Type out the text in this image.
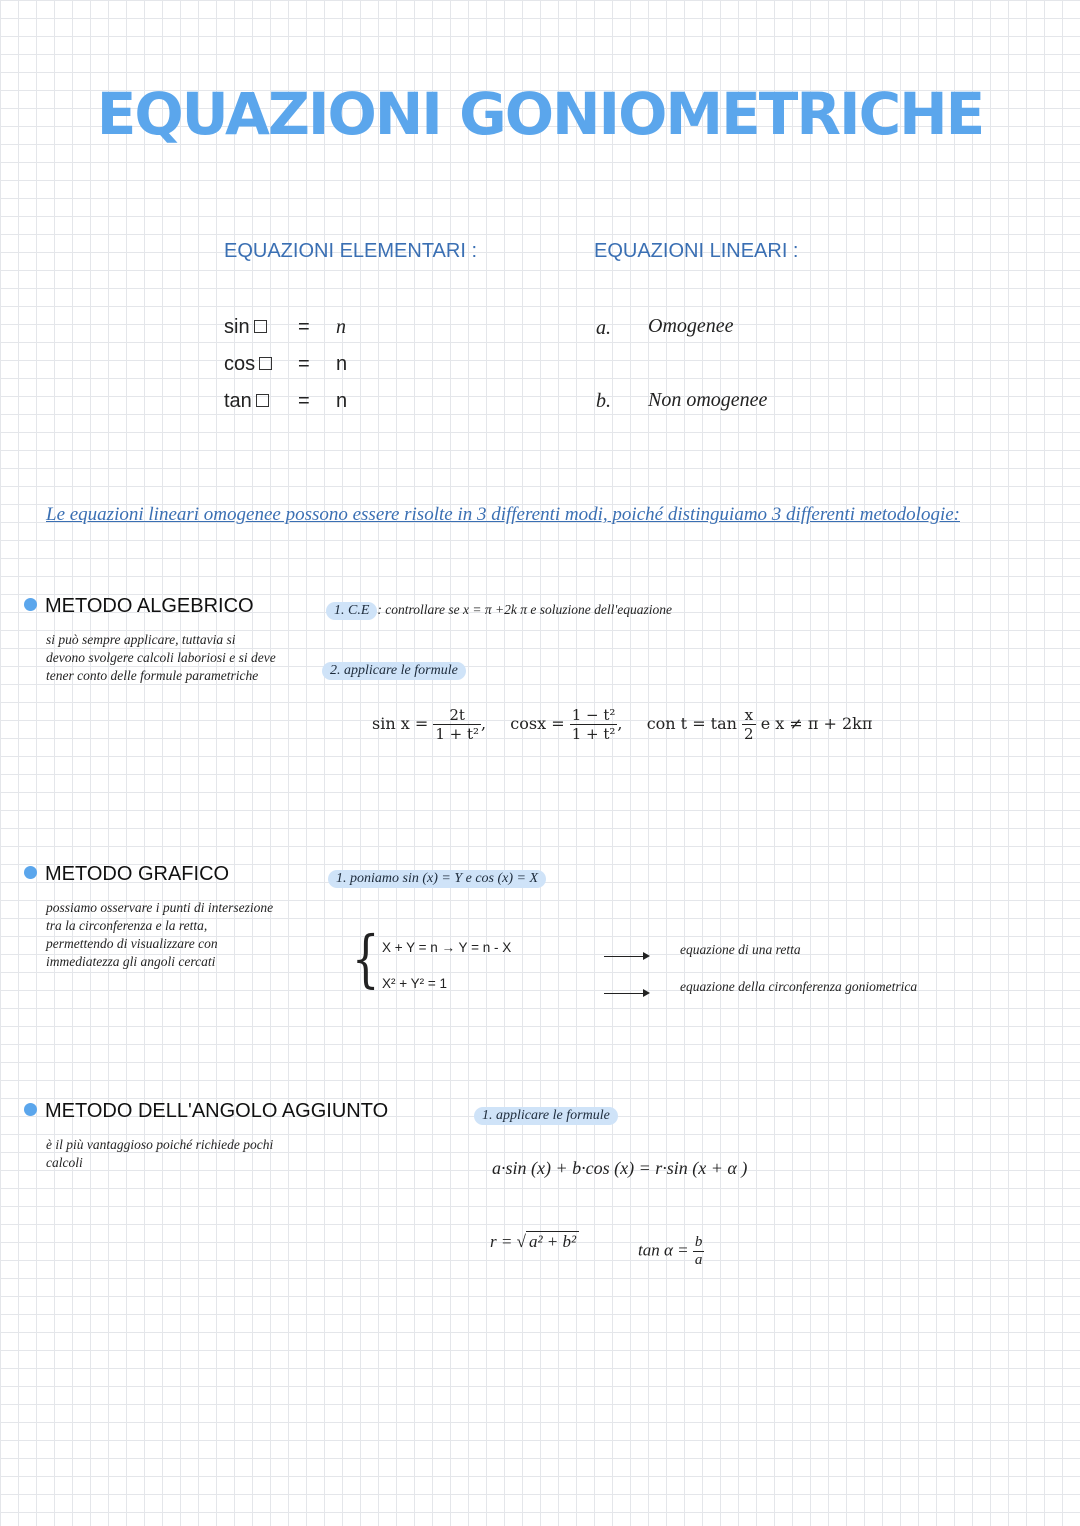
EQUAZIONI GONIOMETRICHE
EQUAZIONI ELEMENTARI :
sin	= n
cos	= n
tan	= n
EQUAZIONI LINEARI :
a. Omogenee
b. Non omogenee
Le equazioni lineari omogenee possono essere risolte in 3 differenti modi, poiché distinguiamo 3 differenti metodologie:
METODO ALGEBRICO
si può sempre applicare, tuttavia si devono svolgere calcoli laboriosi e si deve tener conto delle formule parametriche
1. C.E : controllare se x = π +2k π e soluzione dell'equazione
2. applicare le formule
$\sin x = \frac{2t}{\text{1 + t²}}$ ,  $\cos x = \frac{\text{1 − t²}}{\text{1 + t²}}$ ,  con $t = \tan \frac{x}{2}$ e x ≠ π + 2kπ
METODO GRAFICO
possiamo osservare i punti di intersezione tra la circonferenza e la retta, permettendo di visualizzare con immediatezza gli angoli cercati
1. poniamo sin (x) = Y e cos (x) = X
{ X + Y = n → Y = n - X
X² + Y² = 1
equazione di una retta
equazione della circonferenza goniometrica
METODO DELL'ANGOLO AGGIUNTO
è il più vantaggioso poiché richiede pochi calcoli
1. applicare le formule
a·sin (x) + b·cos (x) = r·sin (x + α )
r = √ a² + b²	$\tan \alpha = \frac{b}{a}$
